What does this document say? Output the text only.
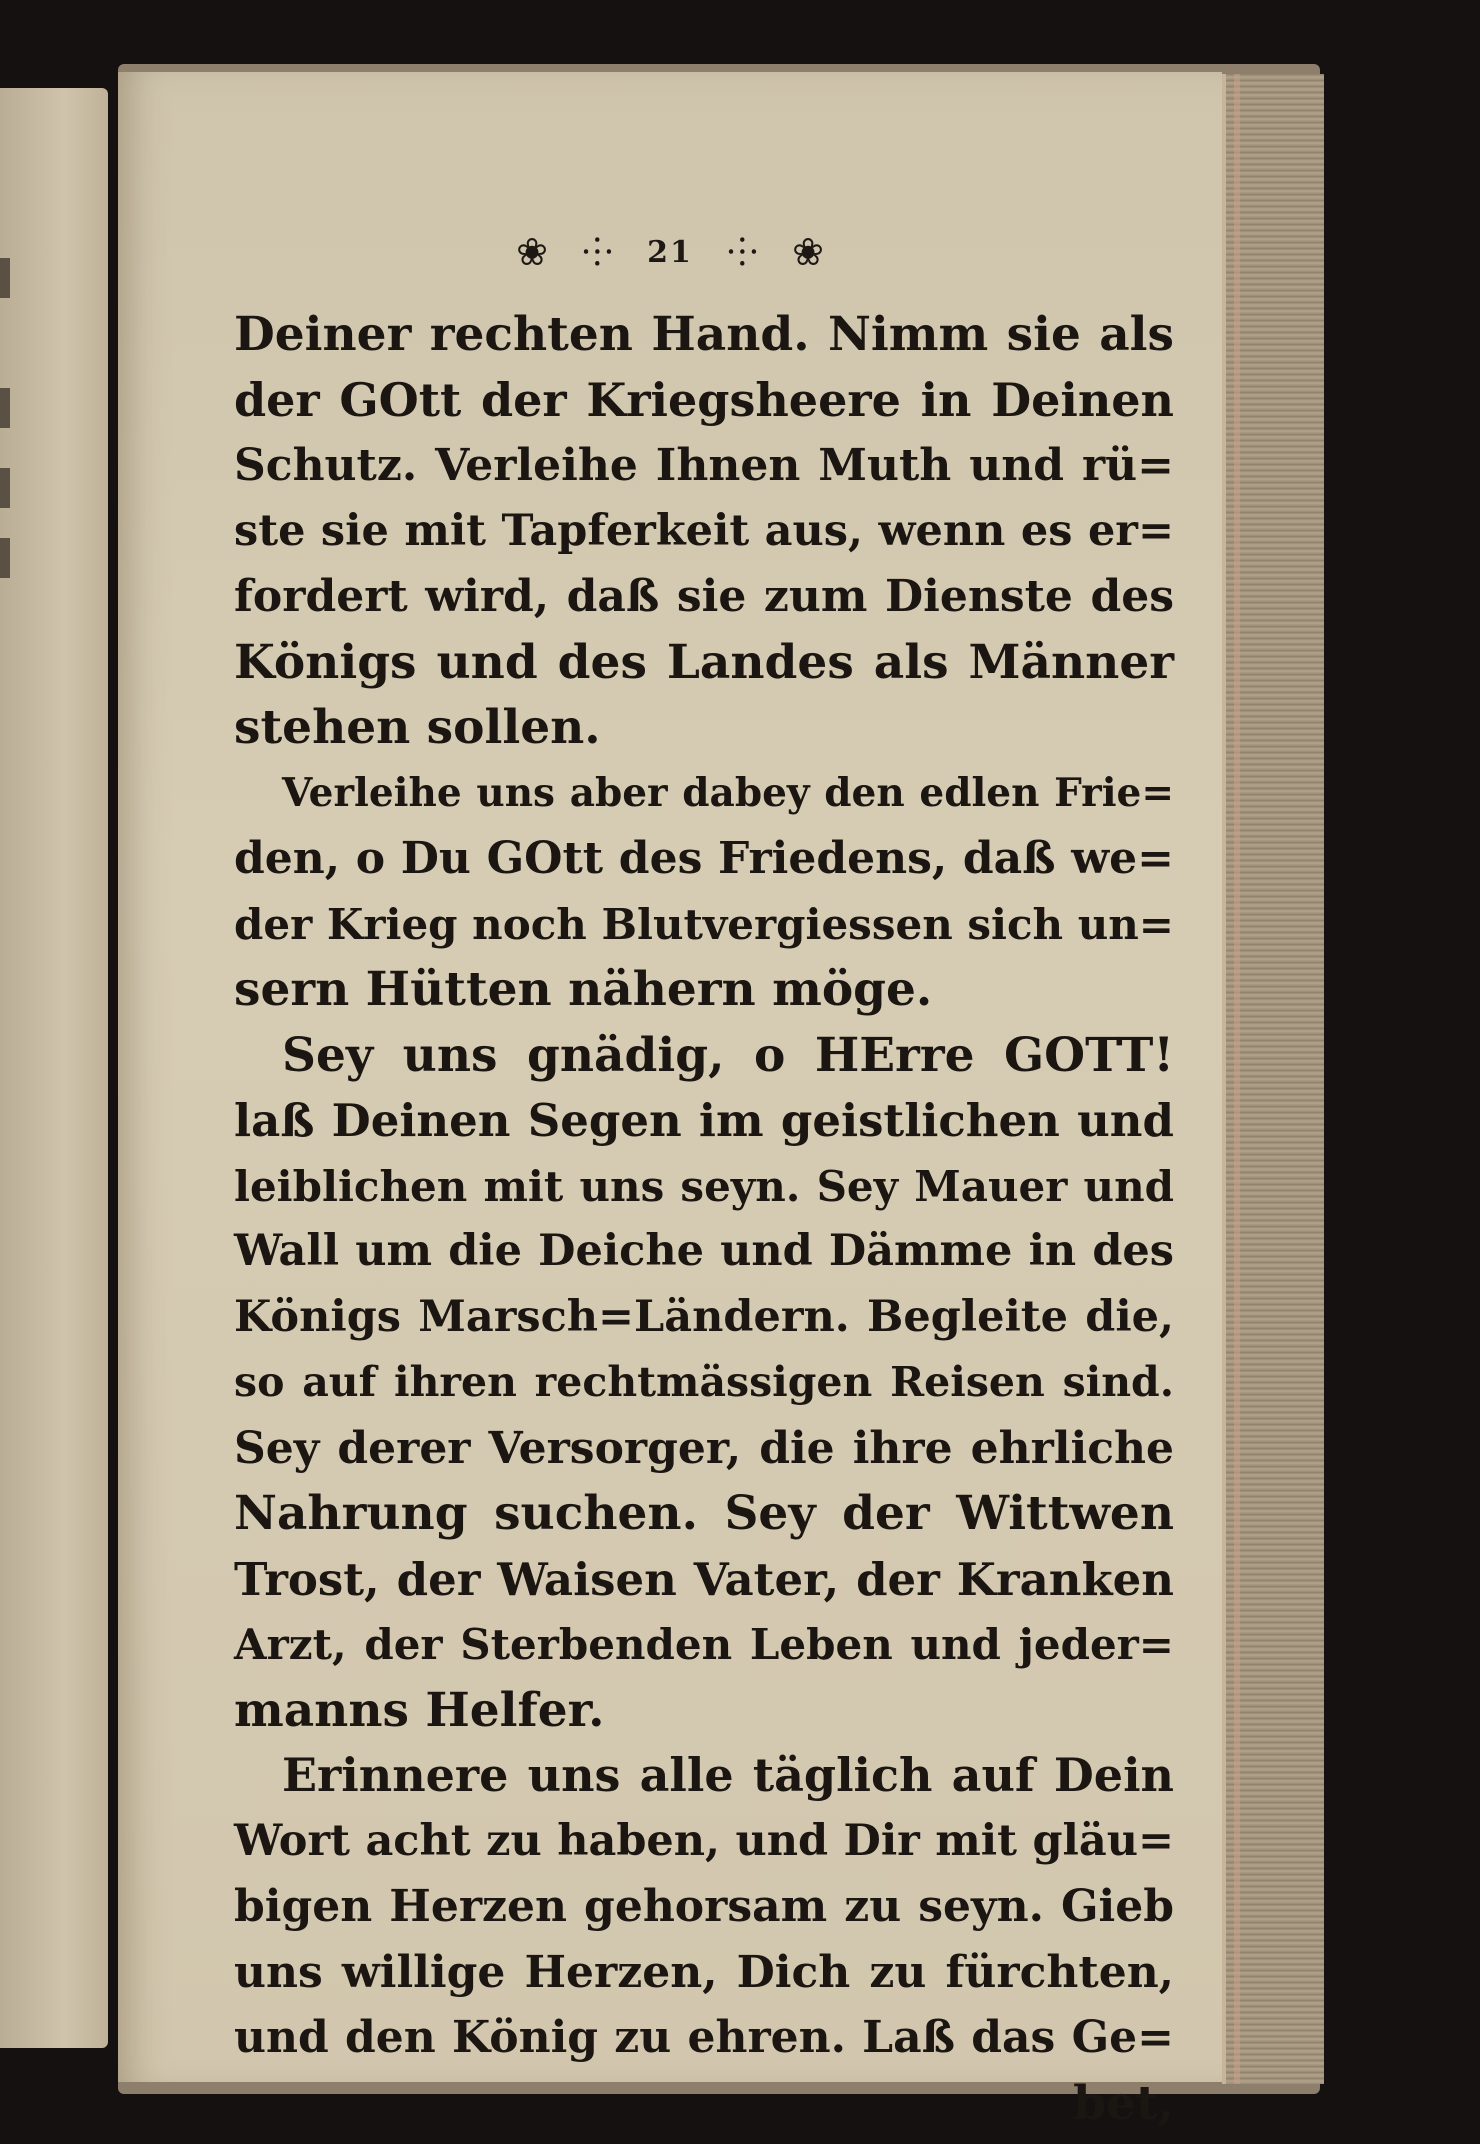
❀ ⸭ 21 ⸭ ❀
Deiner rechten Hand. Nimm sie als
der GOtt der Kriegsheere in Deinen
Schutz. Verleihe Ihnen Muth und rü=
ste sie mit Tapferkeit aus, wenn es er=
fordert wird, daß sie zum Dienste des
Königs und des Landes als Männer
stehen sollen.
Verleihe uns aber dabey den edlen Frie=
den, o Du GOtt des Friedens, daß we=
der Krieg noch Blutvergiessen sich un=
sern Hütten nähern möge.
Sey uns gnädig, o HErre GOTT!
laß Deinen Segen im geistlichen und
leiblichen mit uns seyn. Sey Mauer und
Wall um die Deiche und Dämme in des
Königs Marsch=Ländern. Begleite die,
so auf ihren rechtmässigen Reisen sind.
Sey derer Versorger, die ihre ehrliche
Nahrung suchen. Sey der Wittwen
Trost, der Waisen Vater, der Kranken
Arzt, der Sterbenden Leben und jeder=
manns Helfer.
Erinnere uns alle täglich auf Dein
Wort acht zu haben, und Dir mit gläu=
bigen Herzen gehorsam zu seyn. Gieb
uns willige Herzen, Dich zu fürchten,
und den König zu ehren. Laß das Ge=
bet,
